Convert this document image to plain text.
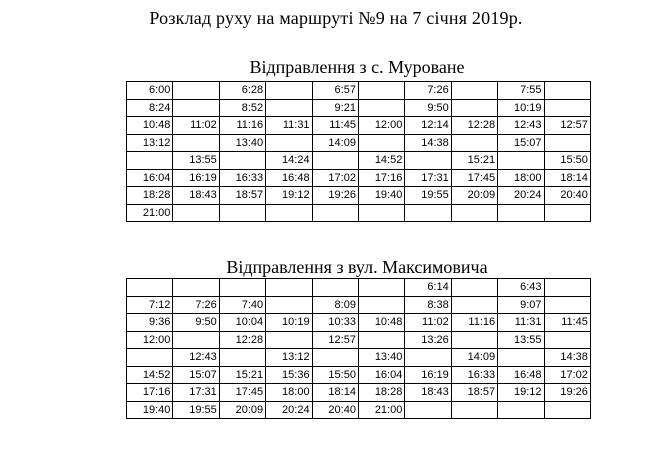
Розклад руху на маршруті №9 на 7 січня 2019р.
Відправлення з с. Муроване
6:00		6:28		6:57		7:26		7:55	
8:24		8:52		9:21		9:50		10:19	
10:48	11:02	11:16	11:31	11:45	12:00	12:14	12:28	12:43	12:57
13:12		13:40		14:09		14:38		15:07	
	13:55		14:24		14:52		15:21		15:50
16:04	16:19	16:33	16:48	17:02	17:16	17:31	17:45	18:00	18:14
18:28	18:43	18:57	19:12	19:26	19:40	19:55	20:09	20:24	20:40
21:00									
Відправлення з вул. Максимовича
						6:14		6:43	
7:12	7:26	7:40		8:09		8:38		9:07	
9:36	9:50	10:04	10:19	10:33	10:48	11:02	11:16	11:31	11:45
12:00		12:28		12:57		13:26		13:55	
	12:43		13:12		13:40		14:09		14:38
14:52	15:07	15:21	15:36	15:50	16:04	16:19	16:33	16:48	17:02
17:16	17:31	17:45	18:00	18:14	18:28	18:43	18:57	19:12	19:26
19:40	19:55	20:09	20:24	20:40	21:00				
